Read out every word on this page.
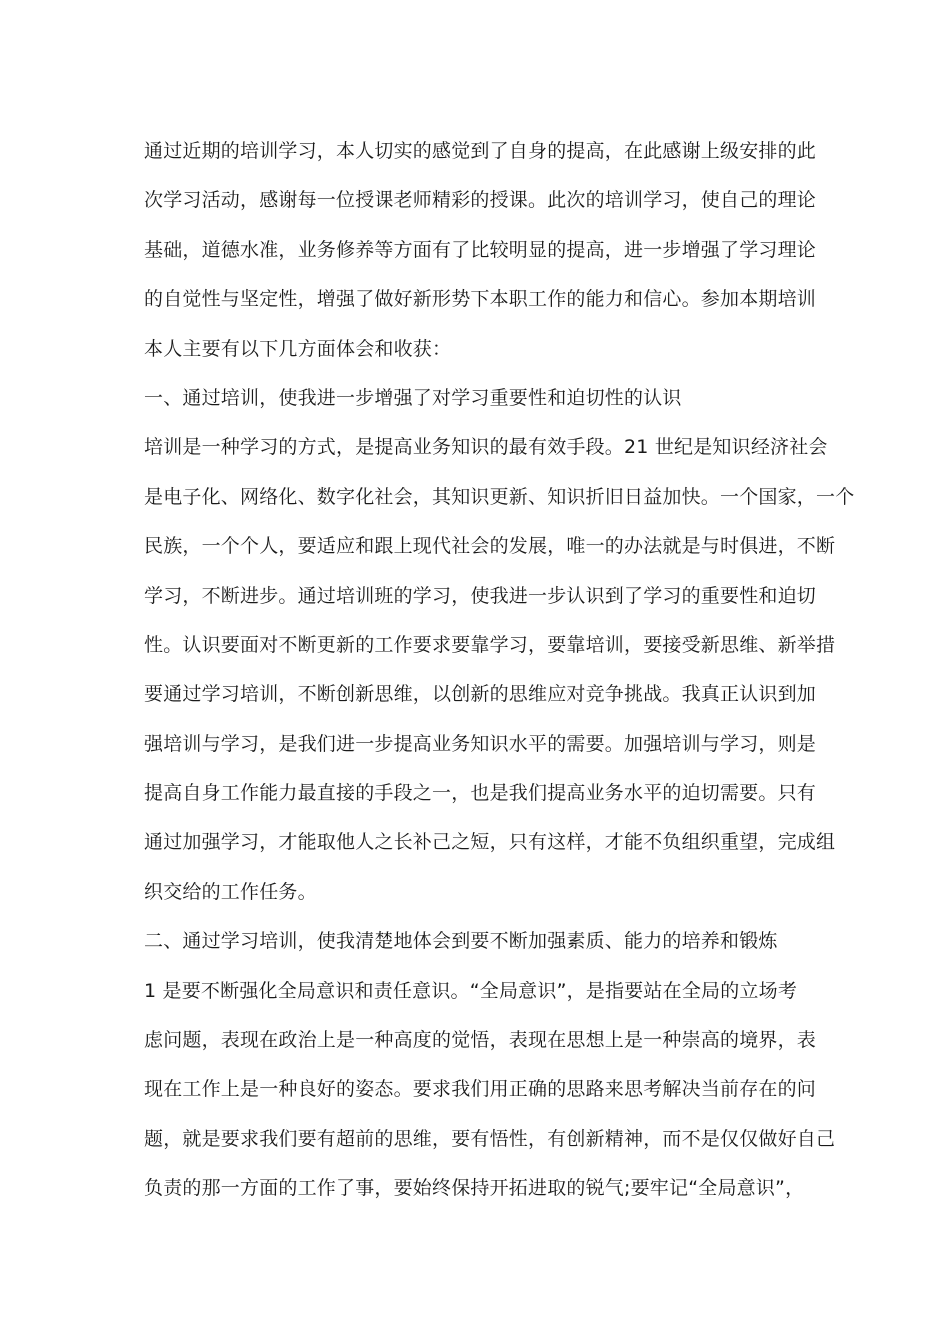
通过近期的培训学习，本人切实的感觉到了自身的提高，在此感谢上级安排的此
次学习活动，感谢每一位授课老师精彩的授课。此次的培训学习，使自己的理论
基础，道德水准，业务修养等方面有了比较明显的提高，进一步增强了学习理论
的自觉性与坚定性，增强了做好新形势下本职工作的能力和信心。参加本期培训
本人主要有以下几方面体会和收获：
一、通过培训，使我进一步增强了对学习重要性和迫切性的认识
培训是一种学习的方式，是提高业务知识的最有效手段。21 世纪是知识经济社会
是电子化、网络化、数字化社会，其知识更新、知识折旧日益加快。一个国家，一个
民族，一个个人，要适应和跟上现代社会的发展，唯一的办法就是与时俱进，不断
学习，不断进步。通过培训班的学习，使我进一步认识到了学习的重要性和迫切
性。认识要面对不断更新的工作要求要靠学习，要靠培训，要接受新思维、新举措
要通过学习培训，不断创新思维，以创新的思维应对竞争挑战。我真正认识到加
强培训与学习，是我们进一步提高业务知识水平的需要。加强培训与学习，则是
提高自身工作能力最直接的手段之一，也是我们提高业务水平的迫切需要。只有
通过加强学习，才能取他人之长补己之短，只有这样，才能不负组织重望，完成组
织交给的工作任务。
二、通过学习培训，使我清楚地体会到要不断加强素质、能力的培养和锻炼
1 是要不断强化全局意识和责任意识。“全局意识”，是指要站在全局的立场考
虑问题，表现在政治上是一种高度的觉悟，表现在思想上是一种崇高的境界，表
现在工作上是一种良好的姿态。要求我们用正确的思路来思考解决当前存在的问
题，就是要求我们要有超前的思维，要有悟性，有创新精神，而不是仅仅做好自己
负责的那一方面的工作了事，要始终保持开拓进取的锐气;要牢记“全局意识”，
